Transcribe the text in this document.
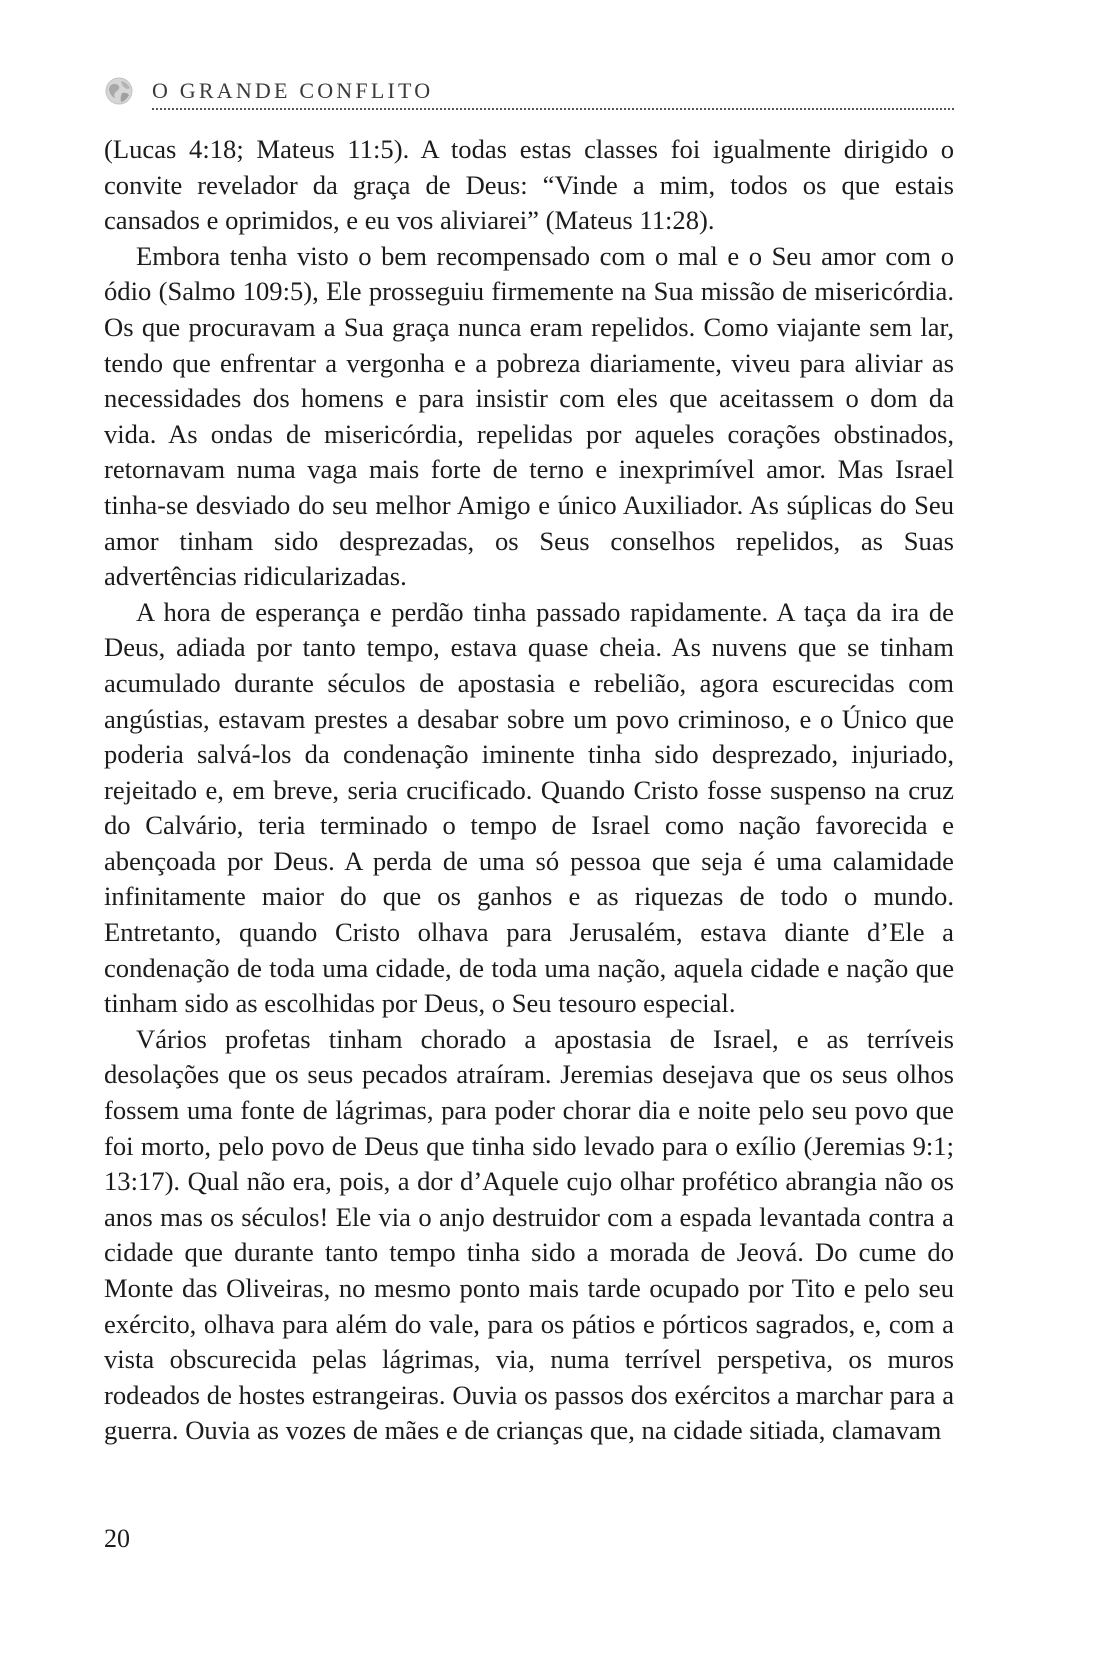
O GRANDE CONFLITO

(Lucas 4:18; Mateus 11:5). A todas estas classes foi igualmente dirigido o convite revelador da graça de Deus: “Vinde a mim, todos os que estais cansados e oprimidos, e eu vos aliviarei” (Mateus 11:28).

Embora tenha visto o bem recompensado com o mal e o Seu amor com o ódio (Salmo 109:5), Ele prosseguiu firmemente na Sua missão de misericórdia. Os que procuravam a Sua graça nunca eram repelidos. Como viajante sem lar, tendo que enfrentar a vergonha e a pobreza diariamente, viveu para aliviar as necessidades dos homens e para insistir com eles que aceitassem o dom da vida. As ondas de misericórdia, repelidas por aqueles corações obstinados, retornavam numa vaga mais forte de terno e inexprimível amor. Mas Israel tinha-se desviado do seu melhor Amigo e único Auxiliador. As súplicas do Seu amor tinham sido desprezadas, os Seus conselhos repelidos, as Suas advertências ridicularizadas.

A hora de esperança e perdão tinha passado rapidamente. A taça da ira de Deus, adiada por tanto tempo, estava quase cheia. As nuvens que se tinham acumulado durante séculos de apostasia e rebelião, agora escurecidas com angústias, estavam prestes a desabar sobre um povo criminoso, e o Único que poderia salvá-los da condenação iminente tinha sido desprezado, injuriado, rejeitado e, em breve, seria crucificado. Quando Cristo fosse suspenso na cruz do Calvário, teria terminado o tempo de Israel como nação favorecida e abençoada por Deus. A perda de uma só pessoa que seja é uma calamidade infinitamente maior do que os ganhos e as riquezas de todo o mundo. Entretanto, quando Cristo olhava para Jerusalém, estava diante d’Ele a condenação de toda uma cidade, de toda uma nação, aquela cidade e nação que tinham sido as escolhidas por Deus, o Seu tesouro especial.

Vários profetas tinham chorado a apostasia de Israel, e as terríveis desolações que os seus pecados atraíram. Jeremias desejava que os seus olhos fossem uma fonte de lágrimas, para poder chorar dia e noite pelo seu povo que foi morto, pelo povo de Deus que tinha sido levado para o exílio (Jeremias 9:1; 13:17). Qual não era, pois, a dor d’Aquele cujo olhar profético abrangia não os anos mas os séculos! Ele via o anjo destruidor com a espada levantada contra a cidade que durante tanto tempo tinha sido a morada de Jeová. Do cume do Monte das Oliveiras, no mesmo ponto mais tarde ocupado por Tito e pelo seu exército, olhava para além do vale, para os pátios e pórticos sagrados, e, com a vista obscurecida pelas lágrimas, via, numa terrível perspetiva, os muros rodeados de hostes estrangeiras. Ouvia os passos dos exércitos a marchar para a guerra. Ouvia as vozes de mães e de crianças que, na cidade sitiada, clamavam

20
